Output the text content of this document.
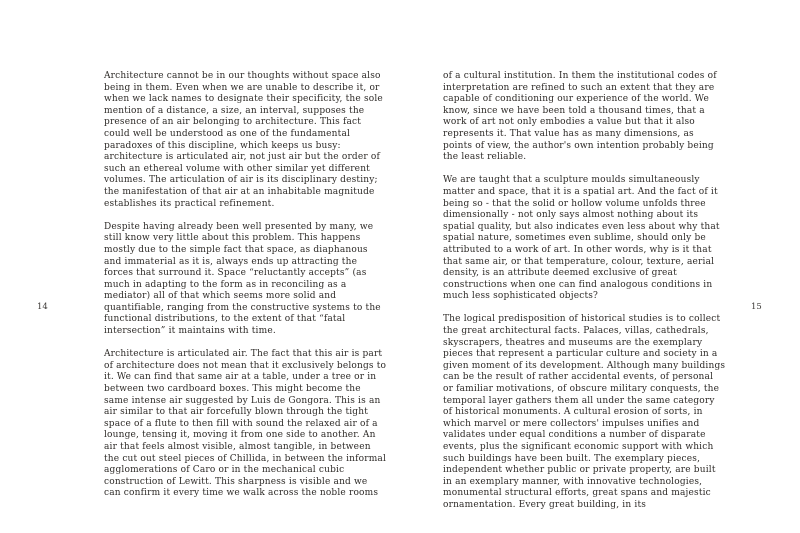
14

Architecture cannot be in our thoughts without space also being in them. Even when we are unable to describe it, or when we lack names to designate their specificity, the sole mention of a distance, a size, an interval, supposes the presence of an air belonging to architecture. This fact could well be understood as one of the fundamental paradoxes of this discipline, which keeps us busy: architecture is articulated air, not just air but the order of such an ethereal volume with other similar yet different volumes. The articulation of air is its disciplinary destiny; the manifestation of that air at an inhabitable magnitude establishes its practical refinement.

Despite having already been well presented by many, we still know very little about this problem. This happens mostly due to the simple fact that space, as diaphanous and immaterial as it is, always ends up attracting the forces that surround it. Space “reluctantly accepts” (as much in adapting to the form as in reconciling as a mediator) all of that which seems more solid and quantifiable, ranging from the constructive systems to the functional distributions, to the extent of that “fatal intersection” it maintains with time.

Architecture is articulated air. The fact that this air is part of architecture does not mean that it exclusively belongs to it. We can find that same air at a table, under a tree or in between two cardboard boxes. This might become the same intense air suggested by Luis de Gongora. This is an air similar to that air forcefully blown through the tight space of a flute to then fill with sound the relaxed air of a lounge, tensing it, moving it from one side to another. An air that feels almost visible, almost tangible, in between the cut out steel pieces of Chillida, in between the informal agglomerations of Caro or in the mechanical cubic construction of Lewitt. This sharpness is visible and we can confirm it every time we walk across the noble rooms

of a cultural institution. In them the institutional codes of interpretation are refined to such an extent that they are capable of conditioning our experience of the world. We know, since we have been told a thousand times, that a work of art not only embodies a value but that it also represents it. That value has as many dimensions, as points of view, the author's own intention probably being the least reliable.

We are taught that a sculpture moulds simultaneously matter and space, that it is a spatial art. And the fact of it being so - that the solid or hollow volume unfolds three dimensionally - not only says almost nothing about its spatial quality, but also indicates even less about why that spatial nature, sometimes even sublime, should only be attributed to a work of art. In other words, why is it that that same air, or that temperature, colour, texture, aerial density, is an attribute deemed exclusive of great constructions when one can find analogous conditions in much less sophisticated objects?

The logical predisposition of historical studies is to collect the great architectural facts. Palaces, villas, cathedrals, skyscrapers, theatres and museums are the exemplary pieces that represent a particular culture and society in a given moment of its development. Although many buildings can be the result of rather accidental events, of personal or familiar motivations, of obscure military conquests, the temporal layer gathers them all under the same category of historical monuments. A cultural erosion of sorts, in which marvel or mere collectors' impulses unifies and validates under equal conditions a number of disparate events, plus the significant economic support with which such buildings have been built. The exemplary pieces, independent whether public or private property, are built in an exemplary manner, with innovative technologies, monumental structural efforts, great spans and majestic ornamentation. Every great building, in its

15
